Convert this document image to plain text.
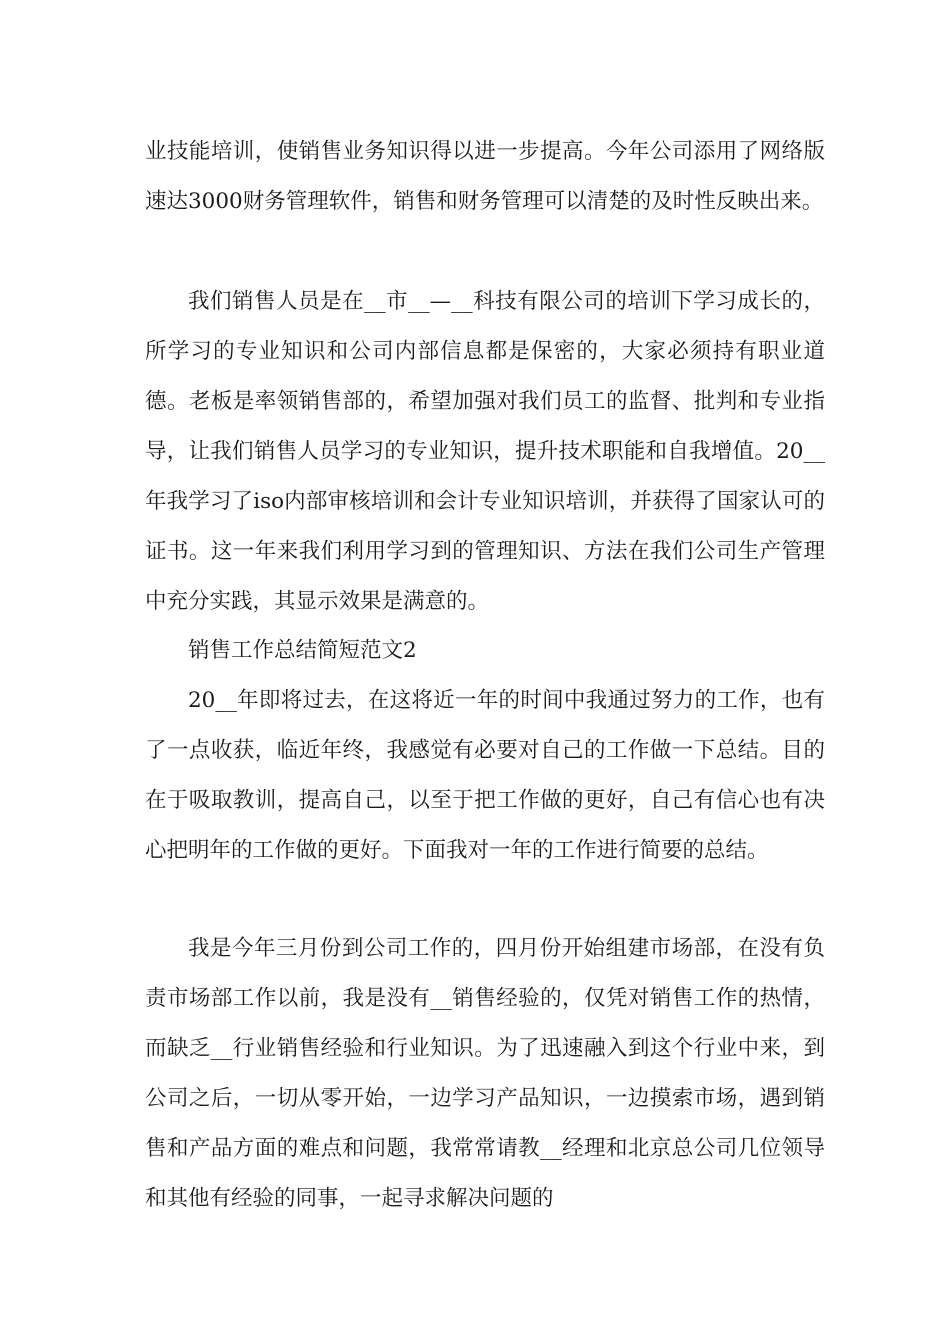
业技能培训，使销售业务知识得以进一步提高。今年公司添用了网络版速达3000财务管理软件，销售和财务管理可以清楚的及时性反映出来。

我们销售人员是在__市__—__科技有限公司的培训下学习成长的，所学习的专业知识和公司内部信息都是保密的，大家必须持有职业道德。老板是率领销售部的，希望加强对我们员工的监督、批判和专业指导，让我们销售人员学习的专业知识，提升技术职能和自我增值。20__年我学习了iso内部审核培训和会计专业知识培训，并获得了国家认可的证书。这一年来我们利用学习到的管理知识、方法在我们公司生产管理中充分实践，其显示效果是满意的。

销售工作总结简短范文2

20__年即将过去，在这将近一年的时间中我通过努力的工作，也有了一点收获，临近年终，我感觉有必要对自己的工作做一下总结。目的在于吸取教训，提高自己，以至于把工作做的更好，自己有信心也有决心把明年的工作做的更好。下面我对一年的工作进行简要的总结。

我是今年三月份到公司工作的，四月份开始组建市场部，在没有负责市场部工作以前，我是没有__销售经验的，仅凭对销售工作的热情，而缺乏__行业销售经验和行业知识。为了迅速融入到这个行业中来，到公司之后，一切从零开始，一边学习产品知识，一边摸索市场，遇到销售和产品方面的难点和问题，我常常请教__经理和北京总公司几位领导和其他有经验的同事，一起寻求解决问题的
